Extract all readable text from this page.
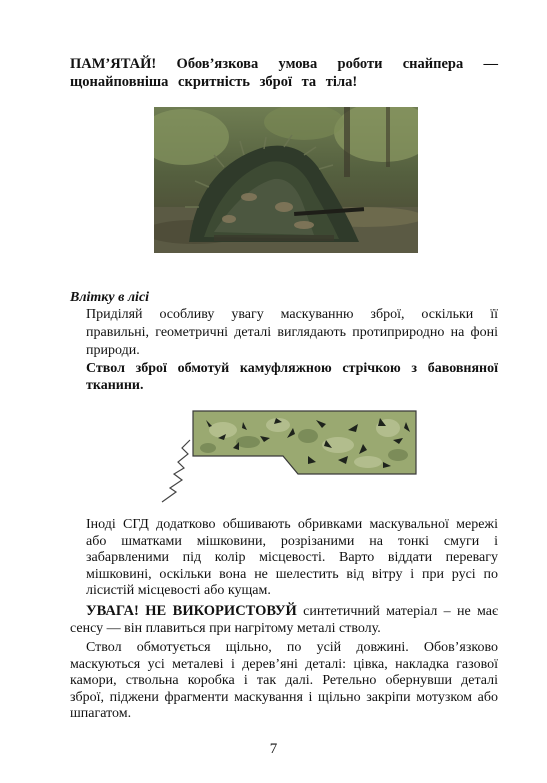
ПАМ’ЯТАЙ! Обов’язкова умова роботи снайпера —
щонайповніша скритність зброї та тіла!
Влітку в лісі
Приділяй особливу увагу маскуванню зброї, оскільки її
правильні, геометричні деталі виглядають протиприродно на фоні
природи.
Ствол зброї обмотуй камуфляжною стрічкою з бавовняної
тканини.
Іноді СГД додатково обшивають обривками маскувальної мережі
або шматками мішковини, розрізаними на тонкі смуги і
забарвленими під колір місцевості. Варто віддати перевагу
мішковині, оскільки вона не шелестить від вітру і при русі по
лісистій місцевості або кущам.
УВАГА! НЕ ВИКОРИСТОВУЙ синтетичний матеріал – не має
сенсу — він плавиться при нагрітому металі стволу.
Ствол обмотується щільно, по усій довжині. Обов’язково
маскуються усі металеві і дерев’яні деталі: цівка, накладка газової
камори, ствольна коробка і так далі. Ретельно обернувши деталі
зброї, піджени фрагменти маскування і щільно закріпи мотузком або
шпагатом.
7
